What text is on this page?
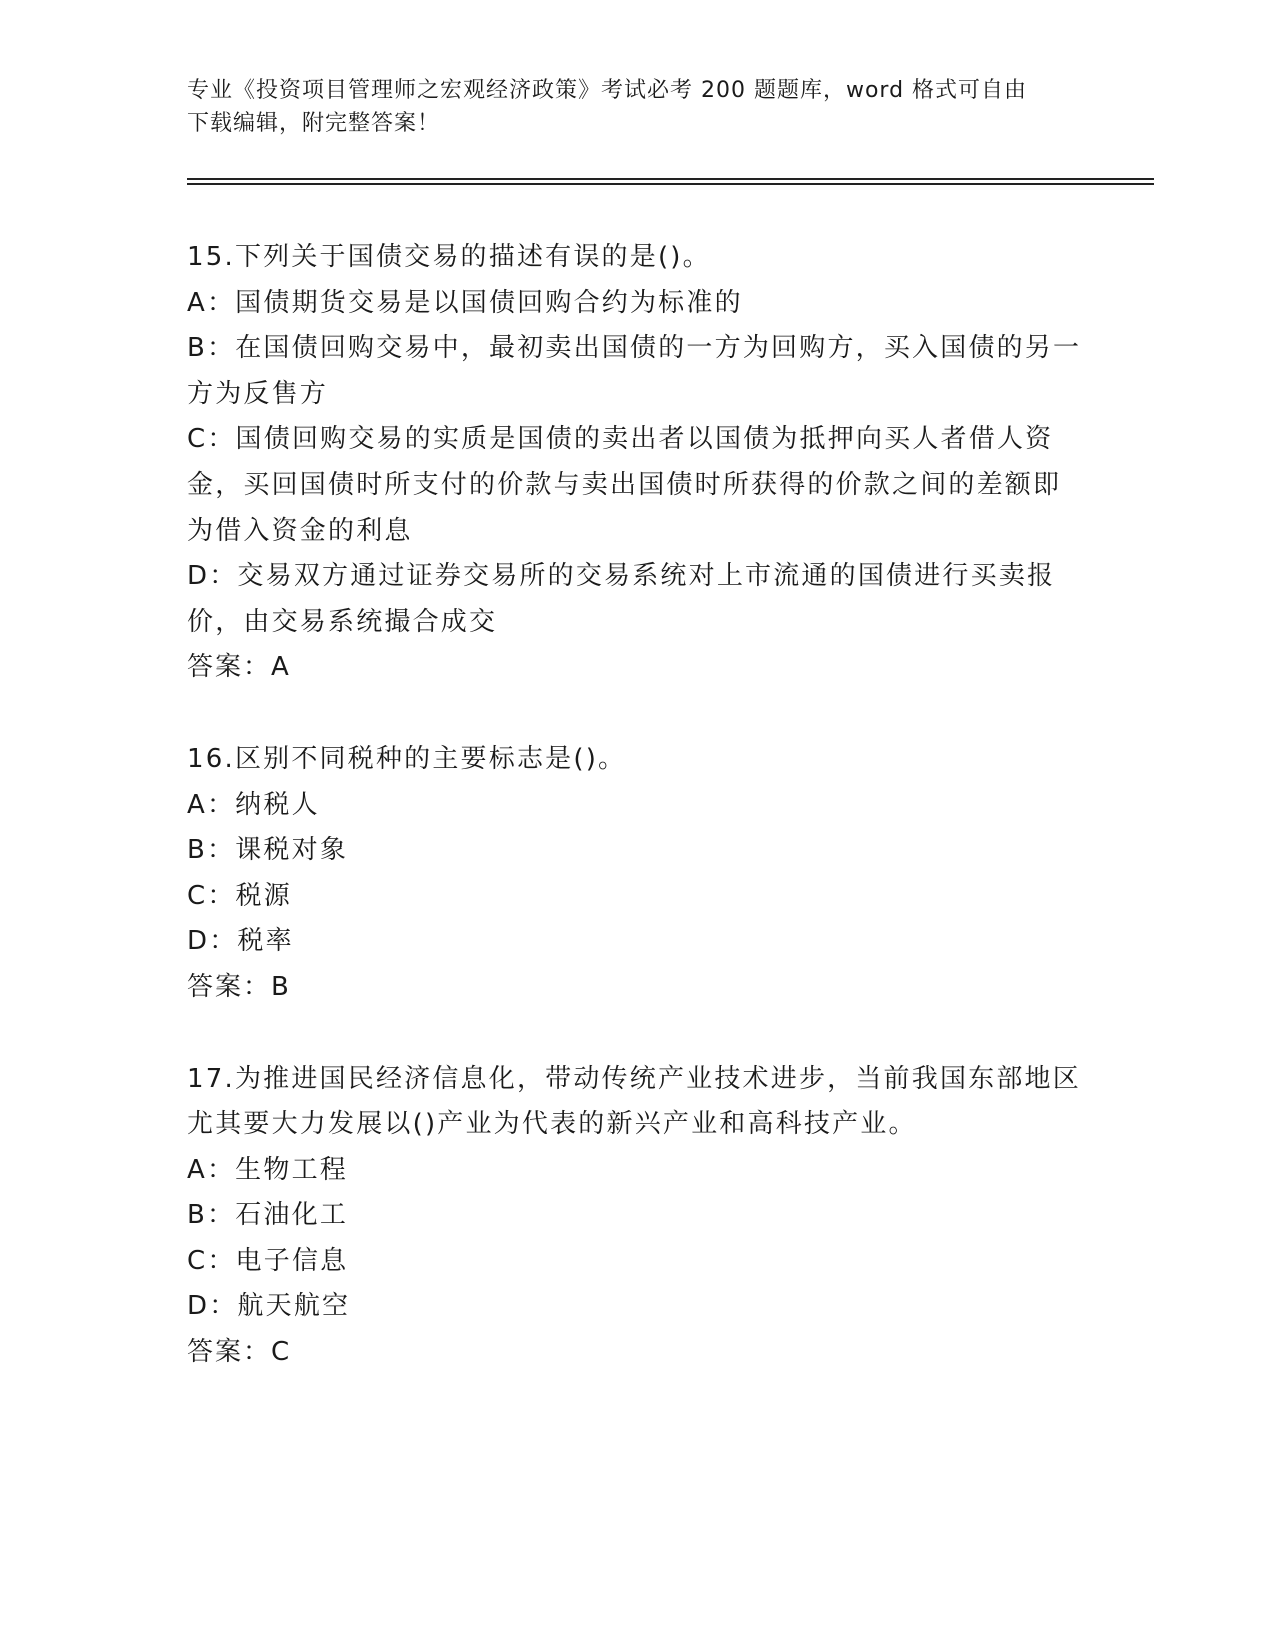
专业《投资项目管理师之宏观经济政策》考试必考 200 题题库，word 格式可自由
下载编辑，附完整答案！

15.下列关于国债交易的描述有误的是()。

A：国债期货交易是以国债回购合约为标准的

B：在国债回购交易中，最初卖出国债的一方为回购方，买入国债的另一方为反售方

C：国债回购交易的实质是国债的卖出者以国债为抵押向买人者借人资金，买回国债时所支付的价款与卖出国债时所获得的价款之间的差额即为借入资金的利息

D：交易双方通过证券交易所的交易系统对上市流通的国债进行买卖报价，由交易系统撮合成交

答案：A

16.区别不同税种的主要标志是()。

A：纳税人

B：课税对象

C：税源

D：税率

答案：B

17.为推进国民经济信息化，带动传统产业技术进步，当前我国东部地区尤其要大力发展以()产业为代表的新兴产业和高科技产业。

A：生物工程

B：石油化工

C：电子信息

D：航天航空

答案：C
